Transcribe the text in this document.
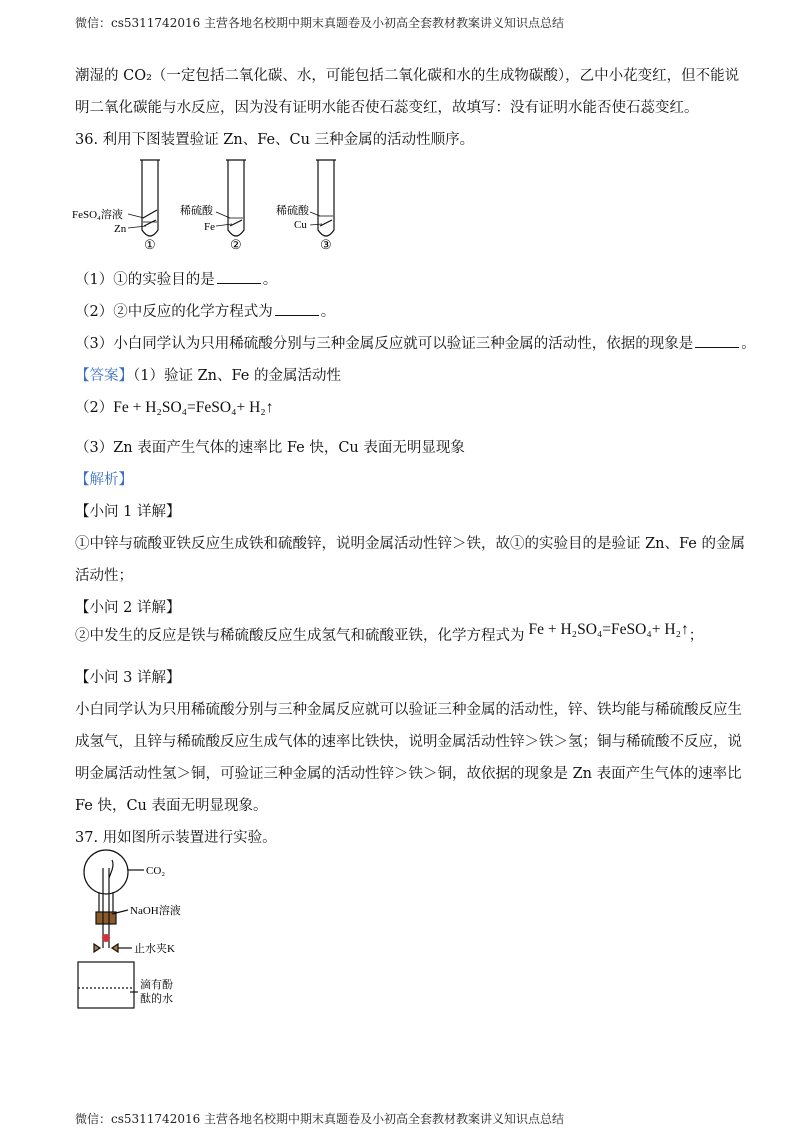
微信：cs5311742016 主营各地名校期中期末真题卷及小初高全套教材教案讲义知识点总结
潮湿的 CO₂（一定包括二氧化碳、水，可能包括二氧化碳和水的生成物碳酸），乙中小花变红，但不能说
明二氧化碳能与水反应，因为没有证明水能否使石蕊变红，故填写：没有证明水能否使石蕊变红。
36. 利用下图装置验证 Zn、Fe、Cu 三种金属的活动性顺序。
FeSO₄溶液
Zn
①
稀硫酸
Fe
②
稀硫酸
Cu
③
（1）①的实验目的是	。
（2）②中反应的化学方程式为	。
（3）小白同学认为只用稀硫酸分别与三种金属反应就可以验证三种金属的活动性，依据的现象是	。
【答案】（1）验证 Zn、Fe 的金属活动性
（2）Fe + H₂SO₄=FeSO₄+ H₂↑
（3）Zn 表面产生气体的速率比 Fe 快，Cu 表面无明显现象
【解析】
【小问 1 详解】
①中锌与硫酸亚铁反应生成铁和硫酸锌，说明金属活动性锌＞铁，故①的实验目的是验证 Zn、Fe 的金属
活动性；
【小问 2 详解】
②中发生的反应是铁与稀硫酸反应生成氢气和硫酸亚铁，化学方程式为 Fe + H₂SO₄=FeSO₄+ H₂↑；
【小问 3 详解】
小白同学认为只用稀硫酸分别与三种金属反应就可以验证三种金属的活动性，锌、铁均能与稀硫酸反应生
成氢气，且锌与稀硫酸反应生成气体的速率比铁快，说明金属活动性锌＞铁＞氢；铜与稀硫酸不反应，说
明金属活动性氢＞铜，可验证三种金属的活动性锌＞铁＞铜，故依据的现象是 Zn 表面产生气体的速率比
Fe 快，Cu 表面无明显现象。
37. 用如图所示装置进行实验。
CO₂
NaOH溶液
止水夹K
滴有酚
酞的水
微信：cs5311742016 主营各地名校期中期末真题卷及小初高全套教材教案讲义知识点总结
